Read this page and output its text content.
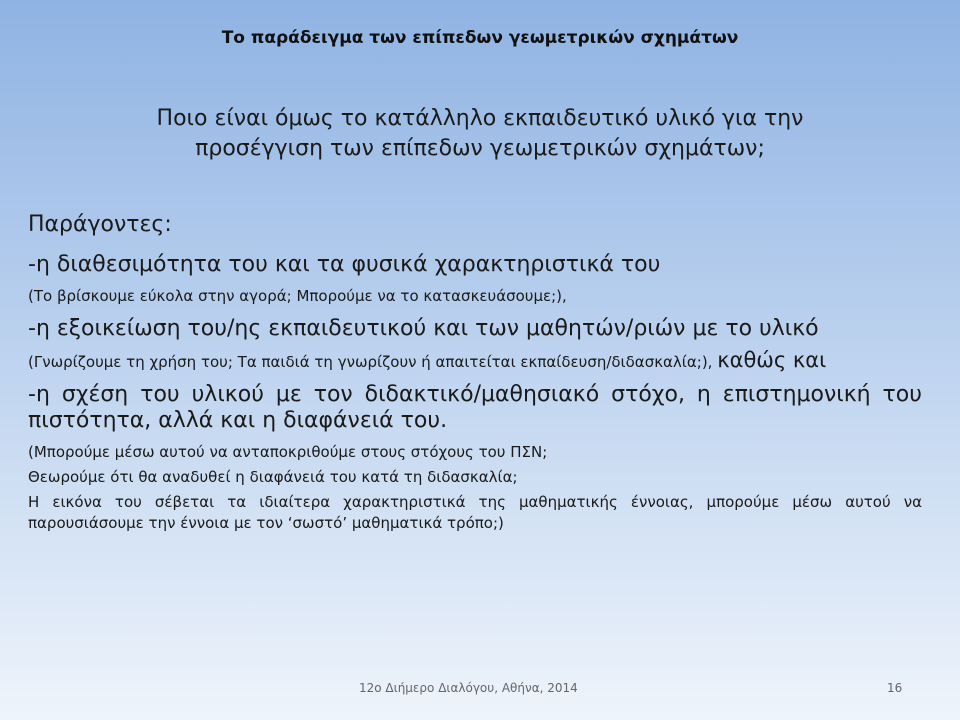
Το παράδειγμα των επίπεδων γεωμετρικών σχημάτων
Ποιο είναι όμως το κατάλληλο εκπαιδευτικό υλικό για την
προσέγγιση των επίπεδων γεωμετρικών σχημάτων;
Παράγοντες:
-η διαθεσιμότητα του και τα φυσικά χαρακτηριστικά του
(Το βρίσκουμε εύκολα στην αγορά; Μπορούμε να το κατασκευάσουμε;),
-η εξοικείωση του/ης εκπαιδευτικού και των μαθητών/ριών με το υλικό
(Γνωρίζουμε τη χρήση του; Τα παιδιά τη γνωρίζουν ή απαιτείται εκπαίδευση/διδασκαλία;), καθώς και
-η σχέση του υλικού με τον διδακτικό/μαθησιακό στόχο, η επιστημονική του πιστότητα, αλλά και η διαφάνειά του.
(Μπορούμε μέσω αυτού να ανταποκριθούμε στους στόχους του ΠΣΝ;
Θεωρούμε ότι θα αναδυθεί η διαφάνειά του κατά τη διδασκαλία;
Η εικόνα του σέβεται τα ιδιαίτερα χαρακτηριστικά της μαθηματικής έννοιας, μπορούμε μέσω αυτού να παρουσιάσουμε την έννοια με τον ‘σωστό’ μαθηματικά τρόπο;)
12ο Διήμερο Διαλόγου, Αθήνα, 2014	16
